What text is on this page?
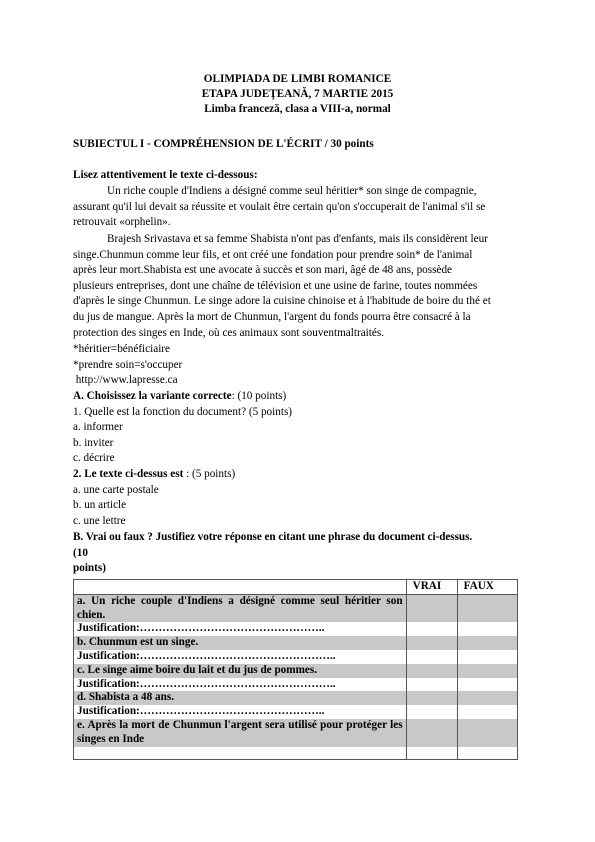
OLIMPIADA DE LIMBI ROMANICE
ETAPA JUDEŢEANĂ, 7 MARTIE 2015
Limba franceză, clasa a VIII-a, normal
SUBIECTUL I - COMPRÉHENSION DE L'ÉCRIT / 30 points
Lisez attentivement le texte ci-dessous:
Un riche couple d'Indiens a désigné comme seul héritier* son singe de compagnie,
assurant qu'il lui devait sa réussite et voulait être certain qu'on s'occuperait de l'animal s'il se
retrouvait «orphelin».
Brajesh Srivastava et sa femme Shabista n'ont pas d'enfants, mais ils considèrent leur
singe.Chunmun comme leur fils, et ont créé une fondation pour prendre soin* de l'animal
après leur mort.Shabista est une avocate à succès et son mari, âgé de 48 ans, possède
plusieurs entreprises, dont une chaîne de télévision et une usine de farine, toutes nommées
d'après le singe Chunmun. Le singe adore la cuisine chinoise et à l'habitude de boire du thé et
du jus de mangue. Après la mort de Chunmun, l'argent du fonds pourra être consacré à la
protection des singes en Inde, où ces animaux sont souventmaltraités.
*héritier=bénéficiaire
*prendre soin=s'occuper
http://www.lapresse.ca
A. Choisissez la variante correcte: (10 points)
1. Quelle est la fonction du document? (5 points)
a. informer
b. inviter
c. décrire
2. Le texte ci-dessus est : (5 points)
a. une carte postale
b. un article
c. une lettre
B. Vrai ou faux ? Justifiez votre réponse en citant une phrase du document ci-dessus.
(10
points)
	VRAI	FAUX
a. Un riche couple d'Indiens a désigné comme seul héritier son chien.		
Justification:…………………………………………..		
b. Chunmun est un singe.		
Justification:……………………………………………..		
c. Le singe aime boire du lait et du jus de pommes.		
Justification:……………………………………………..		
d. Shabista a 48 ans.		
Justification:…………………………………………..		
e. Après la mort de Chunmun l'argent sera utilisé pour protéger les singes en Inde		
